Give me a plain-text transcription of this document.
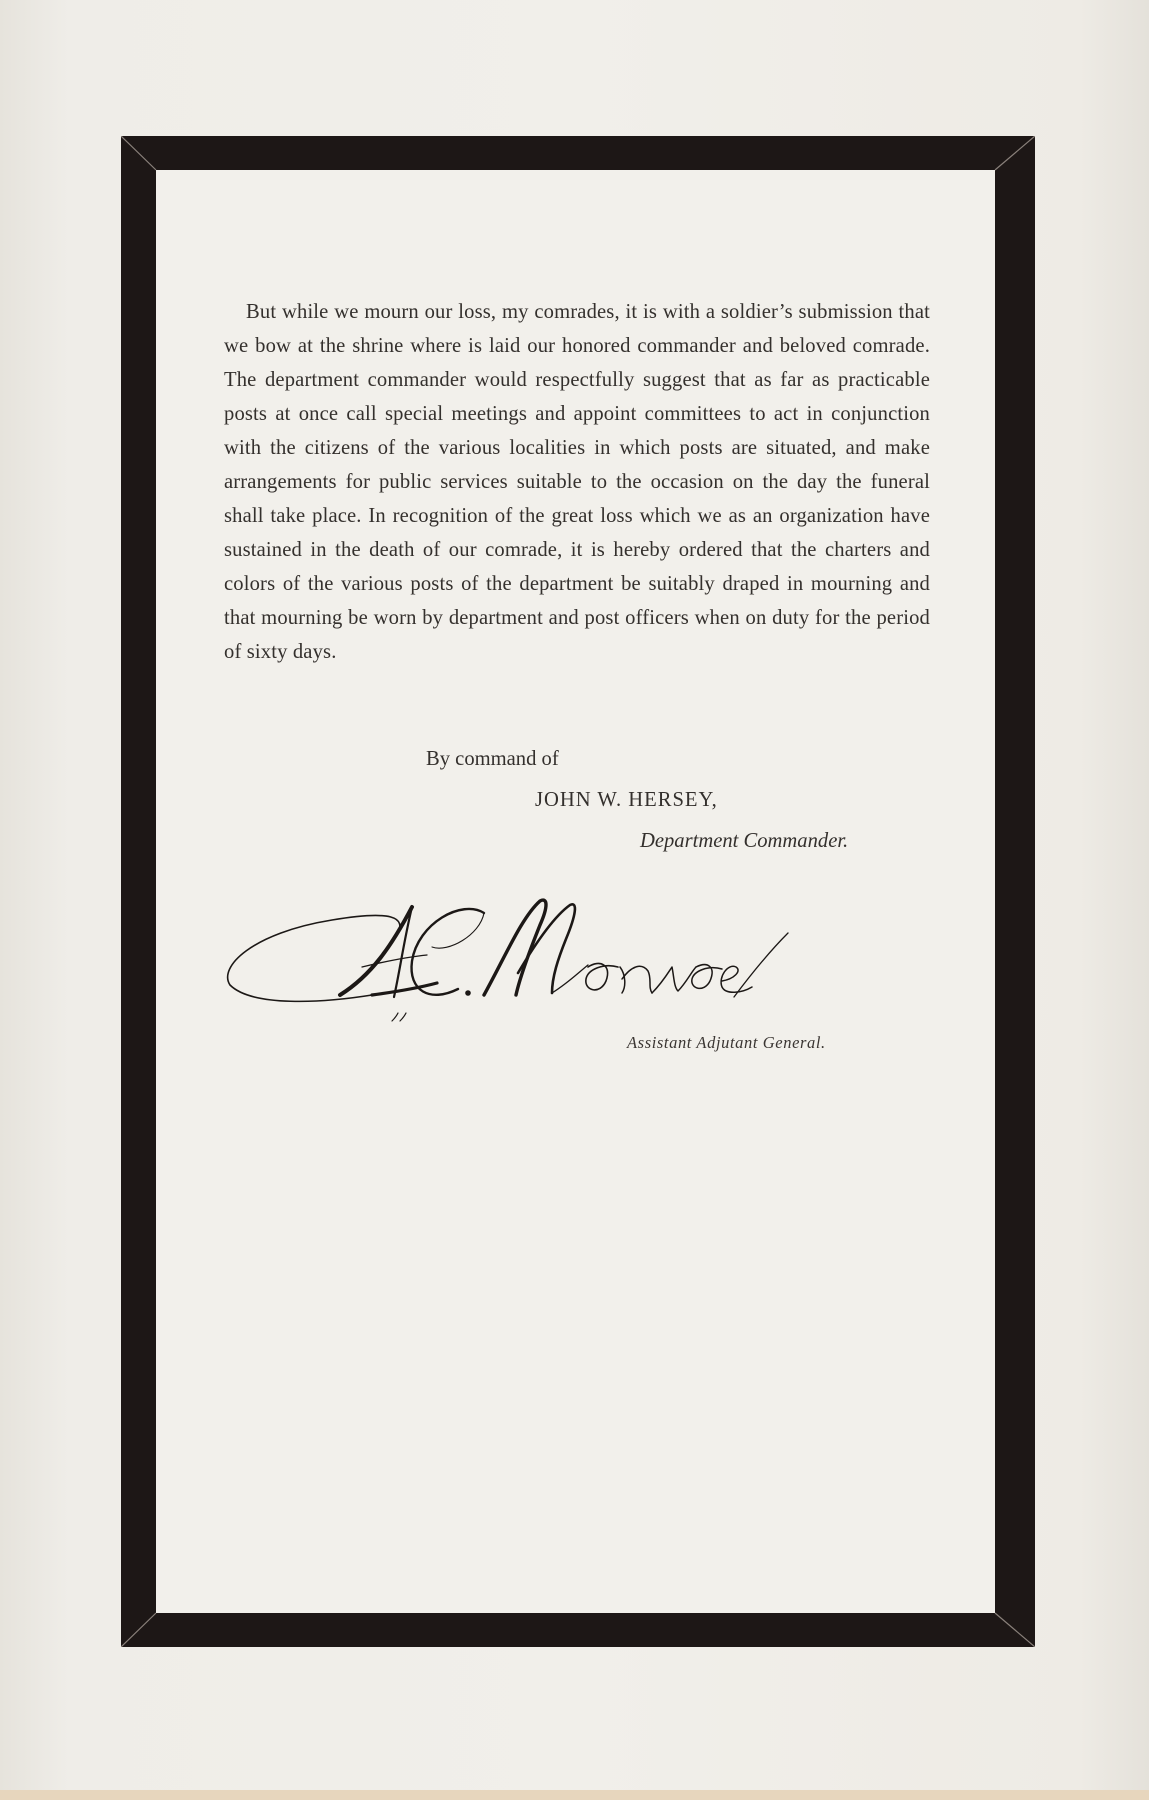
But while we mourn our loss, my comrades, it is with a soldier’s submission that we bow at the shrine where is laid our honored commander and beloved comrade. The department commander would respectfully suggest that as far as practicable posts at once call special meetings and appoint committees to act in conjunction with the citizens of the various localities in which posts are situated, and make arrangements for public services suitable to the occasion on the day the funeral shall take place. In recognition of the great loss which we as an organization have sustained in the death of our comrade, it is hereby ordered that the charters and colors of the various posts of the department be suitably draped in mourning and that mourning be worn by department and post officers when on duty for the period of sixty days.

By command of
JOHN W. HERSEY,
Department Commander.
Assistant Adjutant General.
